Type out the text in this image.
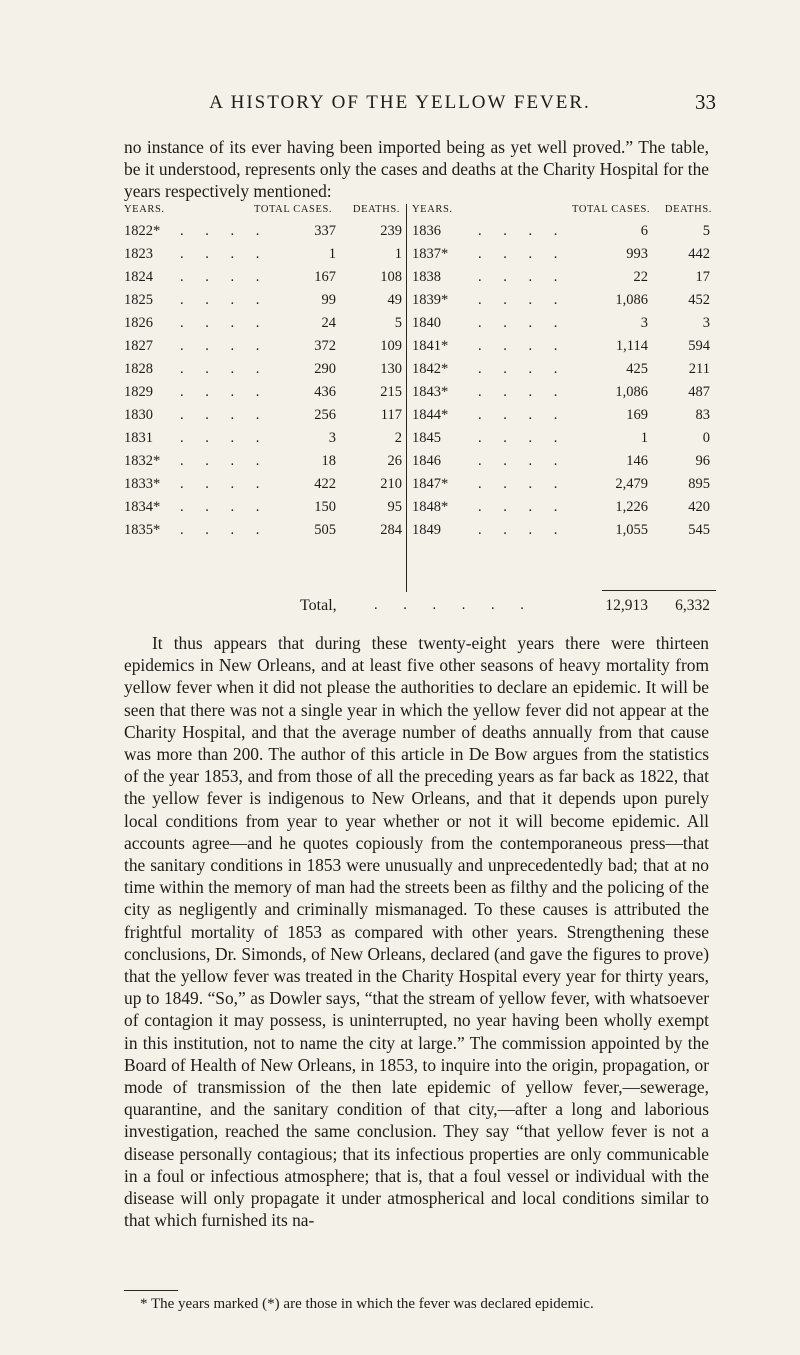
A HISTORY OF THE YELLOW FEVER.	33

no instance of its ever having been imported being as yet well proved.” The table, be it understood, represents only the cases and deaths at the Charity Hospital for the years respectively mentioned:

YEARS.	TOTAL CASES. DEATHS.
1822* . . . .	337	239
1823 . . . .	1	1
1824 . . . .	167	108
1825 . . . .	99	49
1826 . . . .	24	5
1827 . . . .	372	109
1828 . . . .	290	130
1829 . . . .	436	215
1830 . . . .	256	117
1831 . . . .	3	2
1832* . . . .	18	26
1833* . . . .	422	210
1834* . . . .	150	95
1835* . . . .	505	284
YEARS.	TOTAL CASES. DEATHS.
1836	. . . .	6	5
1837* . . . .	993	442
1838	. . . .	22	17
1839* . . . .	1,086	452
1840	. . . .	3	3
1841* . . . .	1,114	594
1842* . . . .	425	211
1843* . . . .	1,086	487
1844* . . . .	169	83
1845	. . . .	1	0
1846	. . . .	146	96
1847* . . . .	2,479	895
1848* . . . .	1,226	420
1849	. . . .	1,055	545
Total,	. . . . . .	12,913 6,332

It thus appears that during these twenty-eight years there were thirteen epidemics in New Orleans, and at least five other seasons of heavy mortality from yellow fever when it did not please the authorities to declare an epidemic. It will be seen that there was not a single year in which the yellow fever did not appear at the Charity Hospital, and that the average number of deaths annually from that cause was more than 200. The author of this article in De Bow argues from the statistics of the year 1853, and from those of all the preceding years as far back as 1822, that the yellow fever is indigenous to New Orleans, and that it depends upon purely local conditions from year to year whether or not it will become epidemic. All accounts agree—and he quotes copiously from the contemporaneous press—that the sanitary conditions in 1853 were unusually and unprecedentedly bad; that at no time within the memory of man had the streets been as filthy and the policing of the city as negligently and criminally mismanaged. To these causes is attributed the frightful mortality of 1853 as compared with other years. Strengthening these conclusions, Dr. Simonds, of New Orleans, declared (and gave the figures to prove) that the yellow fever was treated in the Charity Hospital every year for thirty years, up to 1849. “So,” as Dowler says, “that the stream of yellow fever, with whatsoever of contagion it may possess, is uninterrupted, no year having been wholly exempt in this institution, not to name the city at large.” The commission appointed by the Board of Health of New Orleans, in 1853, to inquire into the origin, propagation, or mode of transmission of the then late epidemic of yellow fever,—sewerage, quarantine, and the sanitary condition of that city,—after a long and laborious investigation, reached the same conclusion. They say “that yellow fever is not a disease personally contagious; that its infectious properties are only communicable in a foul or infectious atmosphere; that is, that a foul vessel or individual with the disease will only propagate it under atmospherical and local conditions similar to that which furnished its na-

* The years marked (*) are those in which the fever was declared epidemic.
